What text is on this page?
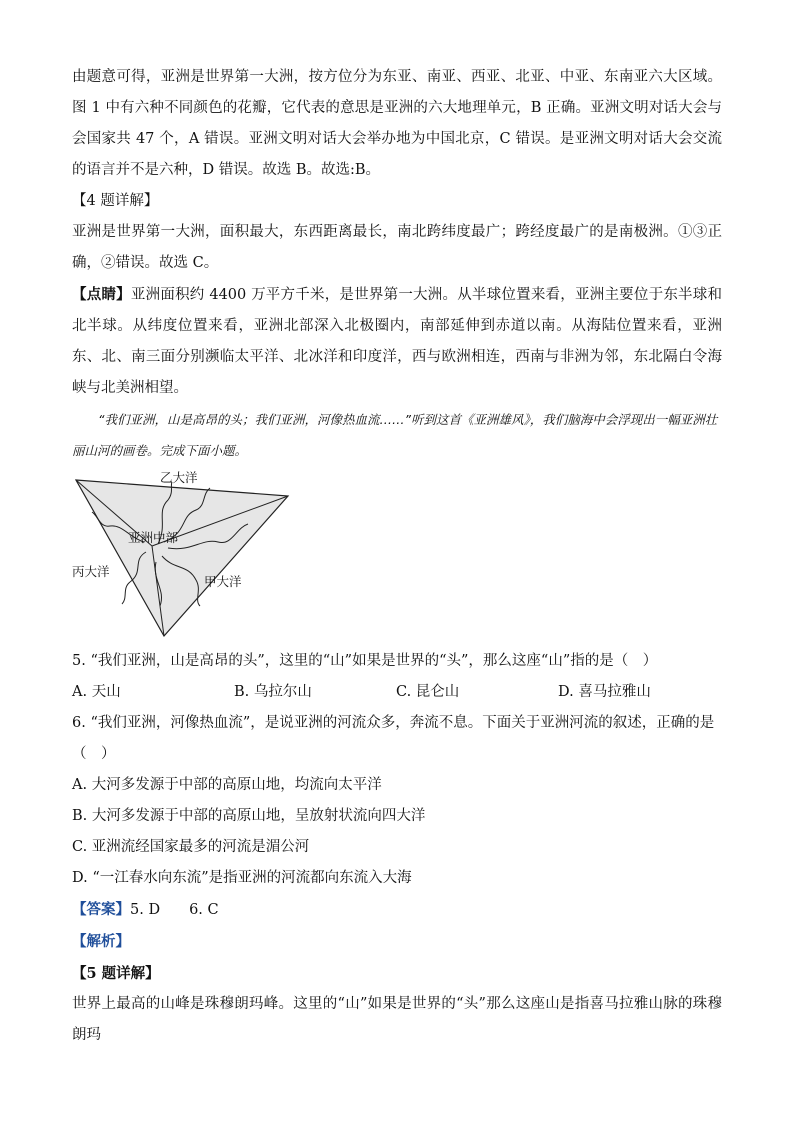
由题意可得，亚洲是世界第一大洲，按方位分为东亚、南亚、西亚、北亚、中亚、东南亚六大区域。图 1 中有六种不同颜色的花瓣，它代表的意思是亚洲的六大地理单元，B 正确。亚洲文明对话大会与会国家共 47 个，A 错误。亚洲文明对话大会举办地为中国北京，C 错误。是亚洲文明对话大会交流的语言并不是六种，D 错误。故选 B。故选:B。

【4 题详解】

亚洲是世界第一大洲，面积最大，东西距离最长，南北跨纬度最广；跨经度最广的是南极洲。①③正确，②错误。故选 C。

【点睛】亚洲面积约 4400 万平方千米，是世界第一大洲。从半球位置来看，亚洲主要位于东半球和北半球。从纬度位置来看，亚洲北部深入北极圈内，南部延伸到赤道以南。从海陆位置来看，亚洲东、北、南三面分别濒临太平洋、北冰洋和印度洋，西与欧洲相连，西南与非洲为邻，东北隔白令海峡与北美洲相望。

“我们亚洲，山是高昂的头；我们亚洲，河像热血流……”听到这首《亚洲雄风》，我们脑海中会浮现出一幅亚洲壮丽山河的画卷。完成下面小题。

乙大洋
亚洲中部
丙大洋
甲大洋

5. “我们亚洲，山是高昂的头”，这里的“山”如果是世界的“头”，那么这座“山”指的是（　）

A. 天山	B. 乌拉尔山	C. 昆仑山	D. 喜马拉雅山

6. “我们亚洲，河像热血流”，是说亚洲的河流众多，奔流不息。下面关于亚洲河流的叙述，正确的是（　）

A. 大河多发源于中部的高原山地，均流向太平洋

B. 大河多发源于中部的高原山地，呈放射状流向四大洋

C. 亚洲流经国家最多的河流是湄公河

D. “一江春水向东流”是指亚洲的河流都向东流入大海

【答案】5. D　　6. C

【解析】

【5 题详解】

世界上最高的山峰是珠穆朗玛峰。这里的“山”如果是世界的“头”那么这座山是指喜马拉雅山脉的珠穆朗玛
